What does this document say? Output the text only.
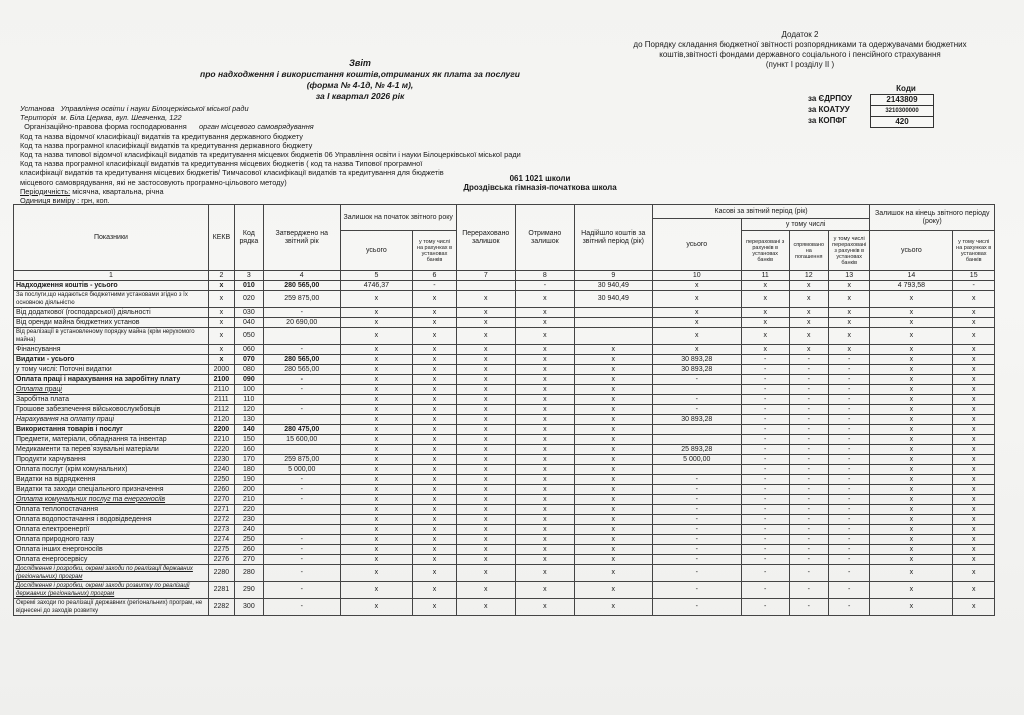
Додаток 2
до Порядку складання бюджетної звітності розпорядниками та одержувачами бюджетних
коштів,звітності фондами державного соціального і пенсійного страхування
(пункт І розділу ІІ )
Звіт
про надходження і використання коштів,отриманих як плата за послуги
(форма № 4-1д, № 4-1 м),
за І квартал 2026 рік
Коди
за ЄДРПОУ	2143809
за КОАТУУ	3210300000
за КОПФГ	420
Установа Управління освіти і науки Білоцерківської міської ради
Територія м. Біла Церква, вул. Шевченка, 122
Організаційно-правова форма господарювання орган місцевого самоврядування
Код та назва відомчої класифікації видатків та кредитування державного бюджету
Код та назва програмної класифікації видатків та кредитування державного бюджету
Код та назва типової відомчої класифікації видатків та кредитування місцевих бюджетів 06 Управління освіти і науки Білоцерківської міської ради
Код та назва програмної класифікації видатків та кредитування місцевих бюджетів ( код та назва Типової програмної
класифікації видатків та кредитування місцевих бюджетів/ Тимчасової класифікації видатків та кредитування для бюджетів
місцевого самоврядування, які не застосовують програмно-цільового методу)
Періодичність: місячна, квартальна, річна
Одиниця виміру : грн, коп.
061 1021 школи
Дроздівська гімназія-початкова школа
Показники	КЕКВ	Код рядка	Затверджено на звітний рік	Залишок на початок звітного року		Перераховано залишок	Отримано залишок	Надійшло коштів за звітний період (рік)	Касові за звітний період (рік)				Залишок на кінець звітного періоду (року)	
									усього	у тому числі				
				усього	у тому числі на рахунках в установах банків					перераховані з рахунків в установах банків	спрямовано на погашення	у тому числі перераховані з рахунків в установах банків	усього	у тому числі на рахунках в установах банків
1	2	3	4	5	6	7	8	9	10	11	12	13	14	15
Надходження коштів - усього	x	010	280 565,00	4746,37	-		-	30 940,49	x	x	x	x	4 793,58	-
За послуги,що надаються бюджетними установами згідно з їх основною діяльністю	x	020	259 875,00	x	x	x	x	30 940,49	x	x	x	x	x	x
Від додаткової (господарської) діяльності	x	030	-	x	x	x	x		x	x	x	x	x	x
Від оренди майна бюджетних установ	x	040	20 690,00	x	x	x	x		x	x	x	x	x	x
Від реалізації в установленому порядку майна (крім нерухомого майна)	x	050		x	x	x	x		x	x	x	x	x	x
Фінансування	x	060	-	x	x	x	x	x	x	x	x	x	x	x
Видатки - усього	x	070	280 565,00	x	x	x	x	x	30 893,28	-	-	-	x	x
у тому числі: Поточні видатки	2000	080	280 565,00	x	x	x	x	x	30 893,28	-	-	-	x	x
Оплата праці і нарахування на заробітну плату	2100	090	-	x	x	x	x	x	-	-	-	-	x	x
Оплата праці	2110	100	-	x	x	x	x	x		-	-	-	x	x
Заробітна плата	2111	110		x	x	x	x	x	-	-	-	-	x	x
Грошове забезпечення військовослужбовців	2112	120	-	x	x	x	x	x	-	-	-	-	x	x
Нарахування на оплату праці	2120	130		x	x	x	x	x	30 893,28	-	-	-	x	x
Використання товарів і послуг	2200	140	280 475,00	x	x	x	x	x		-	-	-	x	x
Предмети, матеріали, обладнання та інвентар	2210	150	15 600,00	x	x	x	x	x		-	-	-	x	x
Медикаменти та перев`язувальні матеріали	2220	160		x	x	x	x	x	25 893,28	-	-	-	x	x
Продукти харчування	2230	170	259 875,00	x	x	x	x	x	5 000,00	-	-	-	x	x
Оплата послуг (крім комунальних)	2240	180	5 000,00	x	x	x	x	x		-	-	-	x	x
Видатки на відрядження	2250	190	-	x	x	x	x	x	-	-	-	-	x	x
Видатки та заходи спеціального призначення	2260	200	-	x	x	x	x	x	-	-	-	-	x	x
Оплата комунальних послуг та енергоносіїв	2270	210	-	x	x	x	x	x	-	-	-	-	x	x
Оплата теплопостачання	2271	220		x	x	x	x	x	-	-	-	-	x	x
Оплата водопостачання і водовідведення	2272	230		x	x	x	x	x	-	-	-	-	x	x
Оплата електроенергії	2273	240		x	x	x	x	x	-	-	-	-	x	x
Оплата природного газу	2274	250	-	x	x	x	x	x	-	-	-	-	x	x
Оплата інших енергоносіїв	2275	260	-	x	x	x	x	x	-	-	-	-	x	x
Оплата енергосервісу	2276	270	-	x	x	x	x	x	-	-	-	-	x	x
Дослідження і розробки, окремі заходи по реалізації державних (регіональних) програм	2280	280	-	x	x	x	x	x	-	-	-	-	x	x
Дослідження і розробки, окремі заходи розвитку по реалізації державних (регіональних) програм	2281	290	-	x	x	x	x	x	-	-	-	-	x	x
Окремі заходи по реалізації державних (регіональних) програм, не віднесені до заходів розвитку	2282	300	-	x	x	x	x	x	-	-	-	-	x	x
